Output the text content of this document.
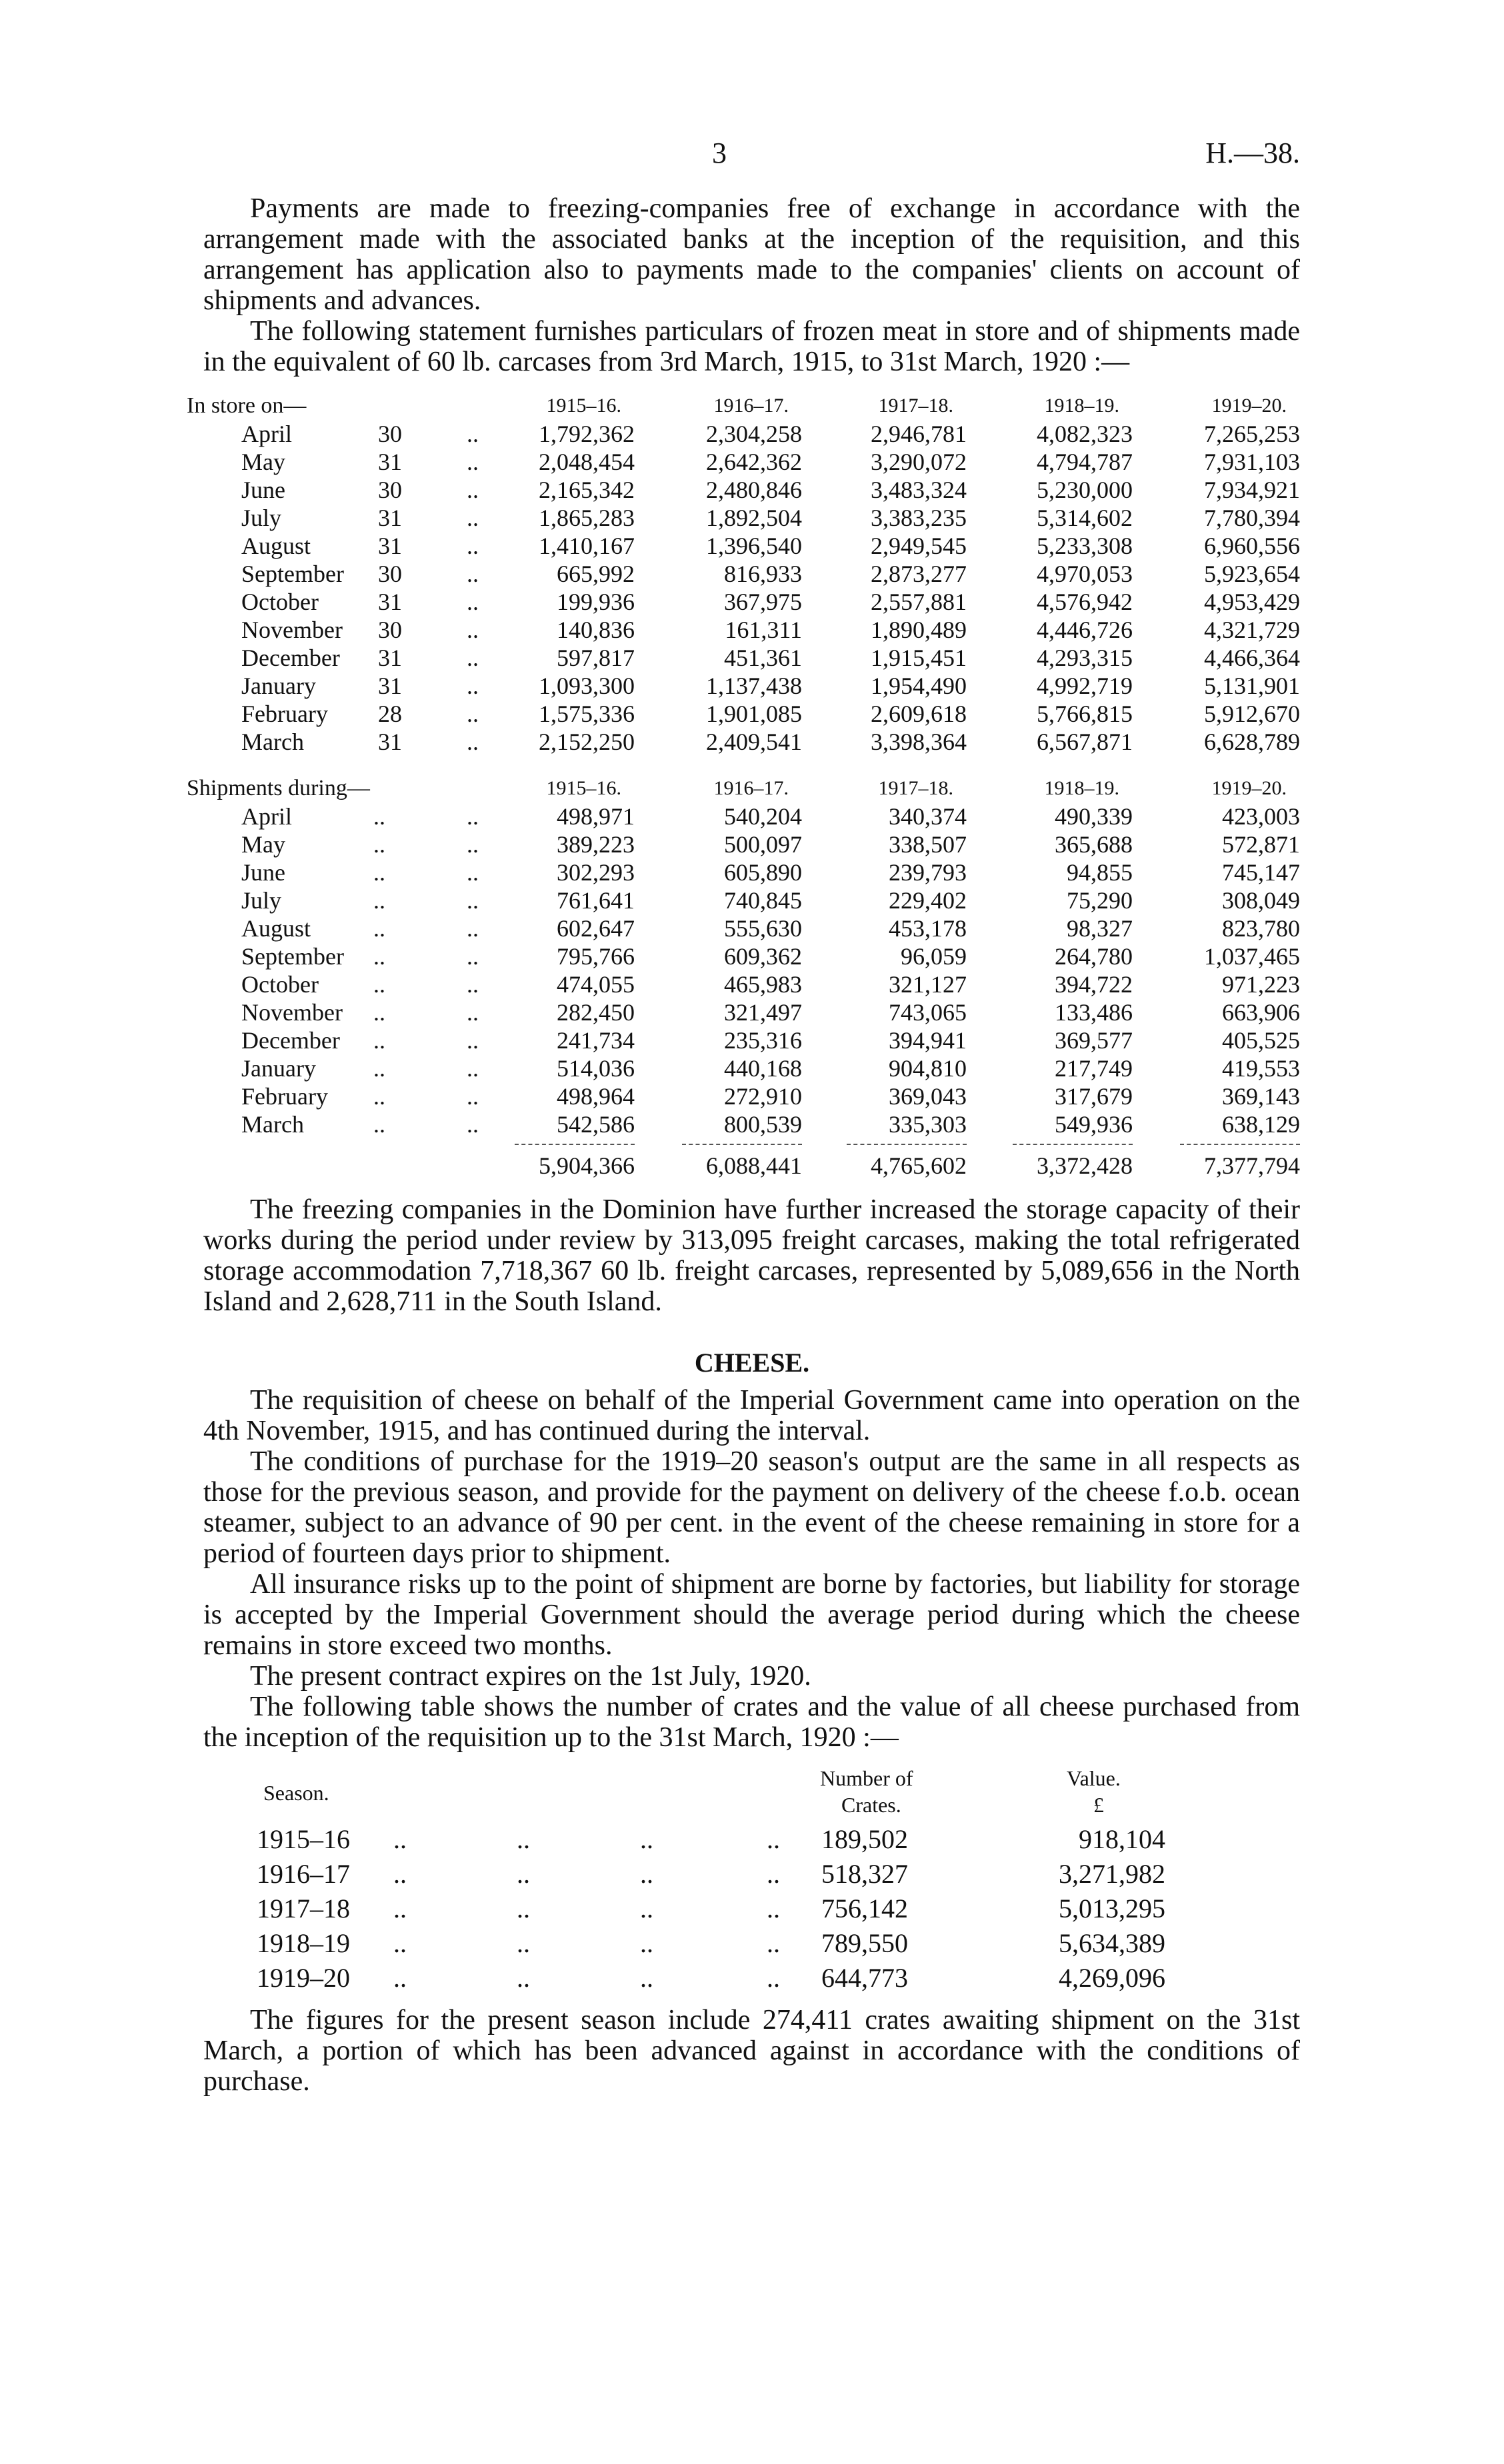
3	H.—38.

Payments are made to freezing-companies free of exchange in accordance with the arrangement made with the associated banks at the inception of the requisition, and this arrangement has application also to payments made to the companies' clients on account of shipments and advances.

The following statement furnishes particulars of frozen meat in store and of shipments made in the equivalent of 60 lb. carcases from 3rd March, 1915, to 31st March, 1920 :—

In store on—	1915–16.	1916–17.	1917–18.	1918–19.	1919–20.
April	30	..	1,792,362	2,304,258	2,946,781	4,082,323	7,265,253
May	31	..	2,048,454	2,642,362	3,290,072	4,794,787	7,931,103
June	30	..	2,165,342	2,480,846	3,483,324	5,230,000	7,934,921
July	31	..	1,865,283	1,892,504	3,383,235	5,314,602	7,780,394
August	31	..	1,410,167	1,396,540	2,949,545	5,233,308	6,960,556
September 30	..	665,992	816,933	2,873,277	4,970,053	5,923,654
October 31	..	199,936	367,975	2,557,881	4,576,942	4,953,429
November 30	..	140,836	161,311	1,890,489	4,446,726	4,321,729
December 31	..	597,817	451,361	1,915,451	4,293,315	4,466,364
January	31	..	1,093,300	1,137,438	1,954,490	4,992,719	5,131,901
February 28	..	1,575,336	1,901,085	2,609,618	5,766,815	5,912,670
March	31	..	2,152,250	2,409,541	3,398,364	6,567,871	6,628,789
Shipments during—	1915–16.	1916–17.	1917–18.	1918–19.	1919–20.
April	..	..	498,971	540,204	340,374	490,339	423,003
May	..	..	389,223	500,097	338,507	365,688	572,871
June	..	..	302,293	605,890	239,793	94,855	745,147
July	..	..	761,641	740,845	229,402	75,290	308,049
August	..	..	602,647	555,630	453,178	98,327	823,780
September ..	..	795,766	609,362	96,059	264,780	1,037,465
October ..	..	474,055	465,983	321,127	394,722	971,223
November ..	..	282,450	321,497	743,065	133,486	663,906
December ..	..	241,734	235,316	394,941	369,577	405,525
January ..	..	514,036	440,168	904,810	217,749	419,553
February ..	..	498,964	272,910	369,043	317,679	369,143
March	..	..	542,586	800,539	335,303	549,936	638,129
5,904,366	6,088,441	4,765,602	3,372,428	7,377,794

The freezing companies in the Dominion have further increased the storage capacity of their works during the period under review by 313,095 freight carcases, making the total refrigerated storage accommodation 7,718,367 60 lb. freight carcases, represented by 5,089,656 in the North Island and 2,628,711 in the South Island.

CHEESE.

The requisition of cheese on behalf of the Imperial Government came into operation on the 4th November, 1915, and has continued during the interval.

The conditions of purchase for the 1919–20 season's output are the same in all respects as those for the previous season, and provide for the payment on delivery of the cheese f.o.b. ocean steamer, subject to an advance of 90 per cent. in the event of the cheese remaining in store for a period of fourteen days prior to shipment.

All insurance risks up to the point of shipment are borne by factories, but liability for storage is accepted by the Imperial Government should the average period during which the cheese remains in store exceed two months.

The present contract expires on the 1st July, 1920.

The following table shows the number of crates and the value of all cheese purchased from the inception of the requisition up to the 31st March, 1920 :—

Season.
Number of
Crates.
Value.
£
1915–16 ..	..	..	.. 189,502	918,104
1916–17 ..	..	..	.. 518,327	3,271,982
1917–18 ..	..	..	.. 756,142	5,013,295
1918–19 ..	..	..	.. 789,550	5,634,389
1919–20 ..	..	..	.. 644,773	4,269,096

The figures for the present season include 274,411 crates awaiting shipment on the 31st March, a portion of which has been advanced against in accordance with the conditions of purchase.
